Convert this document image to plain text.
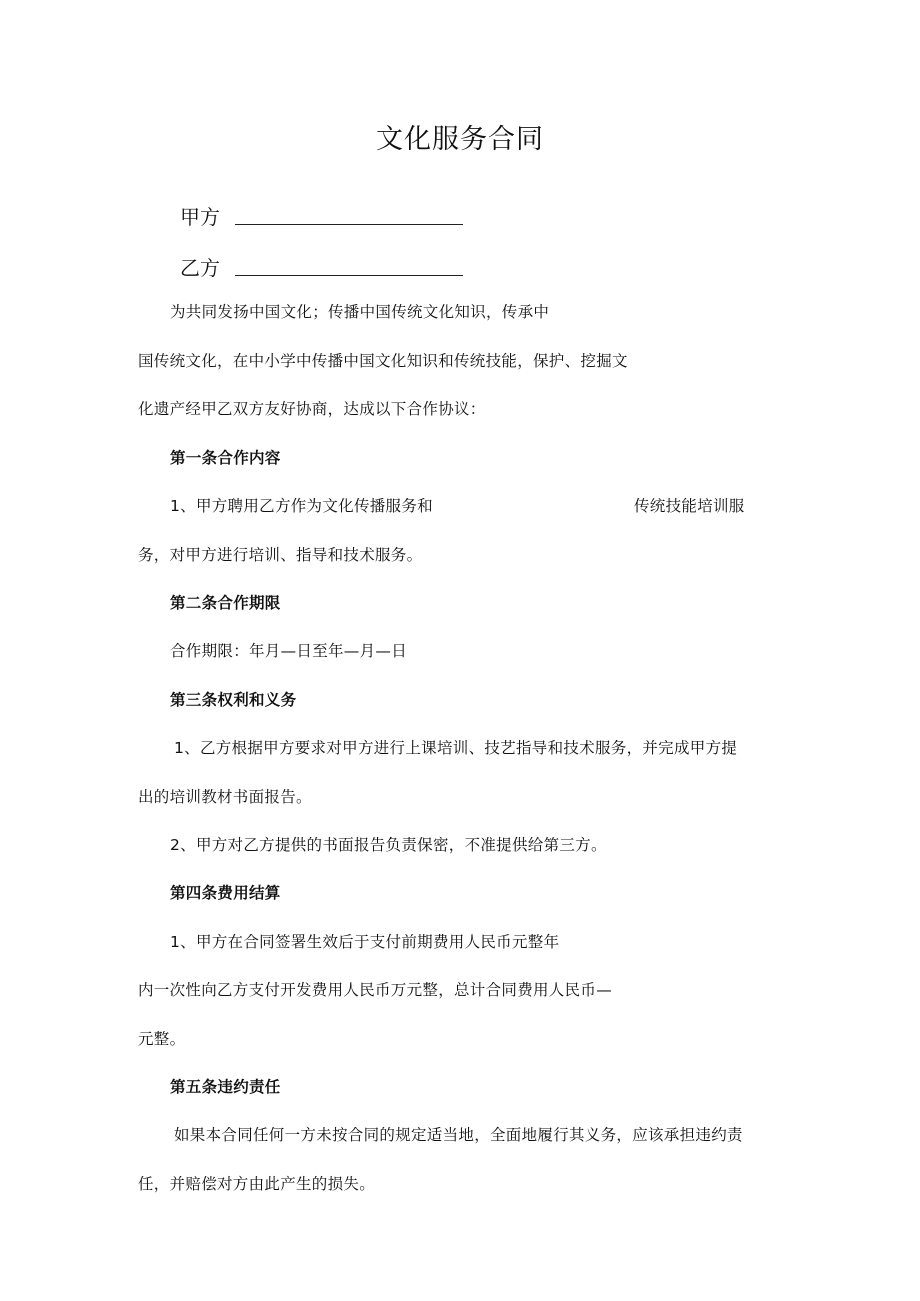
文化服务合同
甲方
乙方
为共同发扬中国文化；传播中国传统文化知识，传承中
国传统文化，在中小学中传播中国文化知识和传统技能，保护、挖掘文
化遗产经甲乙双方友好协商，达成以下合作协议：
第一条合作内容
1、甲方聘用乙方作为文化传播服务和	传统技能培训服
务，对甲方进行培训、指导和技术服务。
第二条合作期限
合作期限：年月—日至年—月—日
第三条权利和义务
1、乙方根据甲方要求对甲方进行上课培训、技艺指导和技术服务，并完成甲方提
出的培训教材书面报告。
2、甲方对乙方提供的书面报告负责保密，不准提供给第三方。
第四条费用结算
1、甲方在合同签署生效后于支付前期费用人民币元整年
内一次性向乙方支付开发费用人民币万元整，总计合同费用人民币—
元整。
第五条违约责任
如果本合同任何一方未按合同的规定适当地，全面地履行其义务，应该承担违约责
任，并赔偿对方由此产生的损失。
